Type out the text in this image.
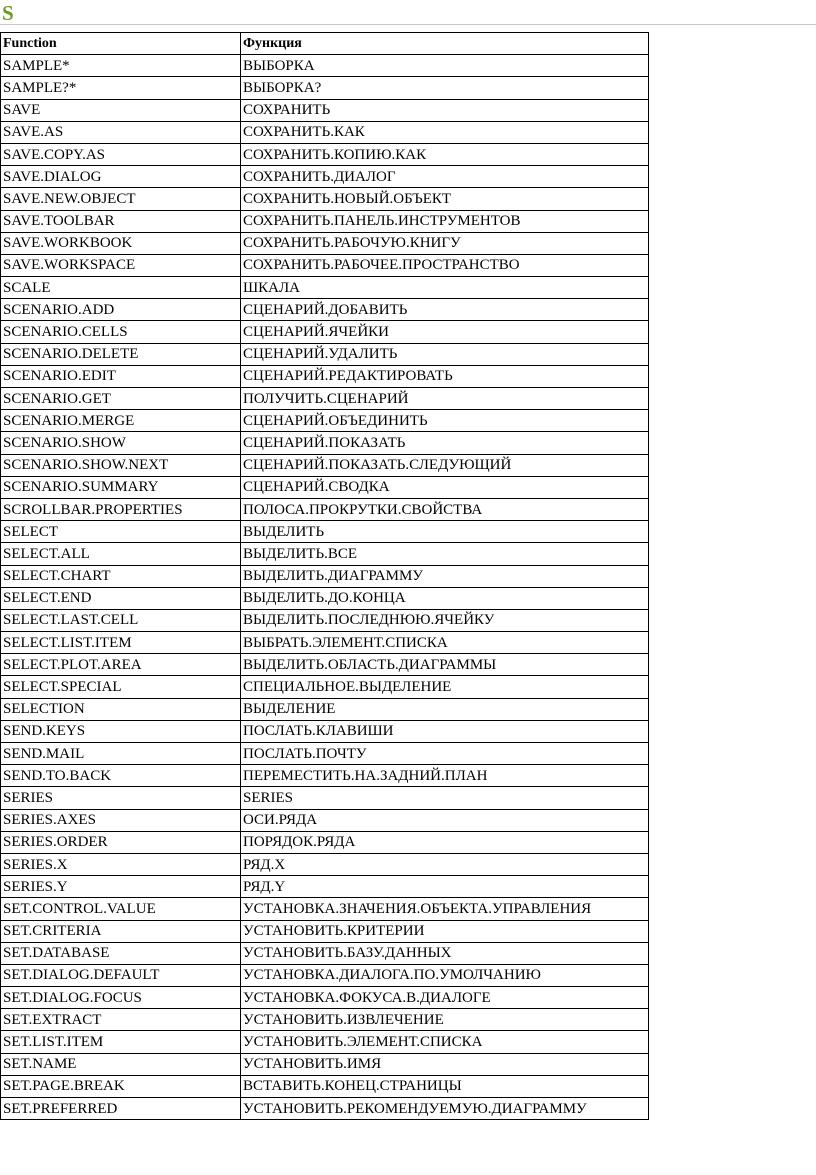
S
Function	Функция
SAMPLE*	ВЫБОРКА
SAMPLE?*	ВЫБОРКА?
SAVE	СОХРАНИТЬ
SAVE.AS	СОХРАНИТЬ.КАК
SAVE.COPY.AS	СОХРАНИТЬ.КОПИЮ.КАК
SAVE.DIALOG	СОХРАНИТЬ.ДИАЛОГ
SAVE.NEW.OBJECT	СОХРАНИТЬ.НОВЫЙ.ОБЪЕКТ
SAVE.TOOLBAR	СОХРАНИТЬ.ПАНЕЛЬ.ИНСТРУМЕНТОВ
SAVE.WORKBOOK	СОХРАНИТЬ.РАБОЧУЮ.КНИГУ
SAVE.WORKSPACE	СОХРАНИТЬ.РАБОЧЕЕ.ПРОСТРАНСТВО
SCALE	ШКАЛА
SCENARIO.ADD	СЦЕНАРИЙ.ДОБАВИТЬ
SCENARIO.CELLS	СЦЕНАРИЙ.ЯЧЕЙКИ
SCENARIO.DELETE	СЦЕНАРИЙ.УДАЛИТЬ
SCENARIO.EDIT	СЦЕНАРИЙ.РЕДАКТИРОВАТЬ
SCENARIO.GET	ПОЛУЧИТЬ.СЦЕНАРИЙ
SCENARIO.MERGE	СЦЕНАРИЙ.ОБЪЕДИНИТЬ
SCENARIO.SHOW	СЦЕНАРИЙ.ПОКАЗАТЬ
SCENARIO.SHOW.NEXT	СЦЕНАРИЙ.ПОКАЗАТЬ.СЛЕДУЮЩИЙ
SCENARIO.SUMMARY	СЦЕНАРИЙ.СВОДКА
SCROLLBAR.PROPERTIES	ПОЛОСА.ПРОКРУТКИ.СВОЙСТВА
SELECT	ВЫДЕЛИТЬ
SELECT.ALL	ВЫДЕЛИТЬ.ВСЕ
SELECT.CHART	ВЫДЕЛИТЬ.ДИАГРАММУ
SELECT.END	ВЫДЕЛИТЬ.ДО.КОНЦА
SELECT.LAST.CELL	ВЫДЕЛИТЬ.ПОСЛЕДНЮЮ.ЯЧЕЙКУ
SELECT.LIST.ITEM	ВЫБРАТЬ.ЭЛЕМЕНТ.СПИСКА
SELECT.PLOT.AREA	ВЫДЕЛИТЬ.ОБЛАСТЬ.ДИАГРАММЫ
SELECT.SPECIAL	СПЕЦИАЛЬНОЕ.ВЫДЕЛЕНИЕ
SELECTION	ВЫДЕЛЕНИЕ
SEND.KEYS	ПОСЛАТЬ.КЛАВИШИ
SEND.MAIL	ПОСЛАТЬ.ПОЧТУ
SEND.TO.BACK	ПЕРЕМЕСТИТЬ.НА.ЗАДНИЙ.ПЛАН
SERIES	SERIES
SERIES.AXES	ОСИ.РЯДА
SERIES.ORDER	ПОРЯДОК.РЯДА
SERIES.X	РЯД.X
SERIES.Y	РЯД.Y
SET.CONTROL.VALUE	УСТАНОВКА.ЗНАЧЕНИЯ.ОБЪЕКТА.УПРАВЛЕНИЯ
SET.CRITERIA	УСТАНОВИТЬ.КРИТЕРИИ
SET.DATABASE	УСТАНОВИТЬ.БАЗУ.ДАННЫХ
SET.DIALOG.DEFAULT	УСТАНОВКА.ДИАЛОГА.ПО.УМОЛЧАНИЮ
SET.DIALOG.FOCUS	УСТАНОВКА.ФОКУСА.В.ДИАЛОГЕ
SET.EXTRACT	УСТАНОВИТЬ.ИЗВЛЕЧЕНИЕ
SET.LIST.ITEM	УСТАНОВИТЬ.ЭЛЕМЕНТ.СПИСКА
SET.NAME	УСТАНОВИТЬ.ИМЯ
SET.PAGE.BREAK	ВСТАВИТЬ.КОНЕЦ.СТРАНИЦЫ
SET.PREFERRED	УСТАНОВИТЬ.РЕКОМЕНДУЕМУЮ.ДИАГРАММУ
